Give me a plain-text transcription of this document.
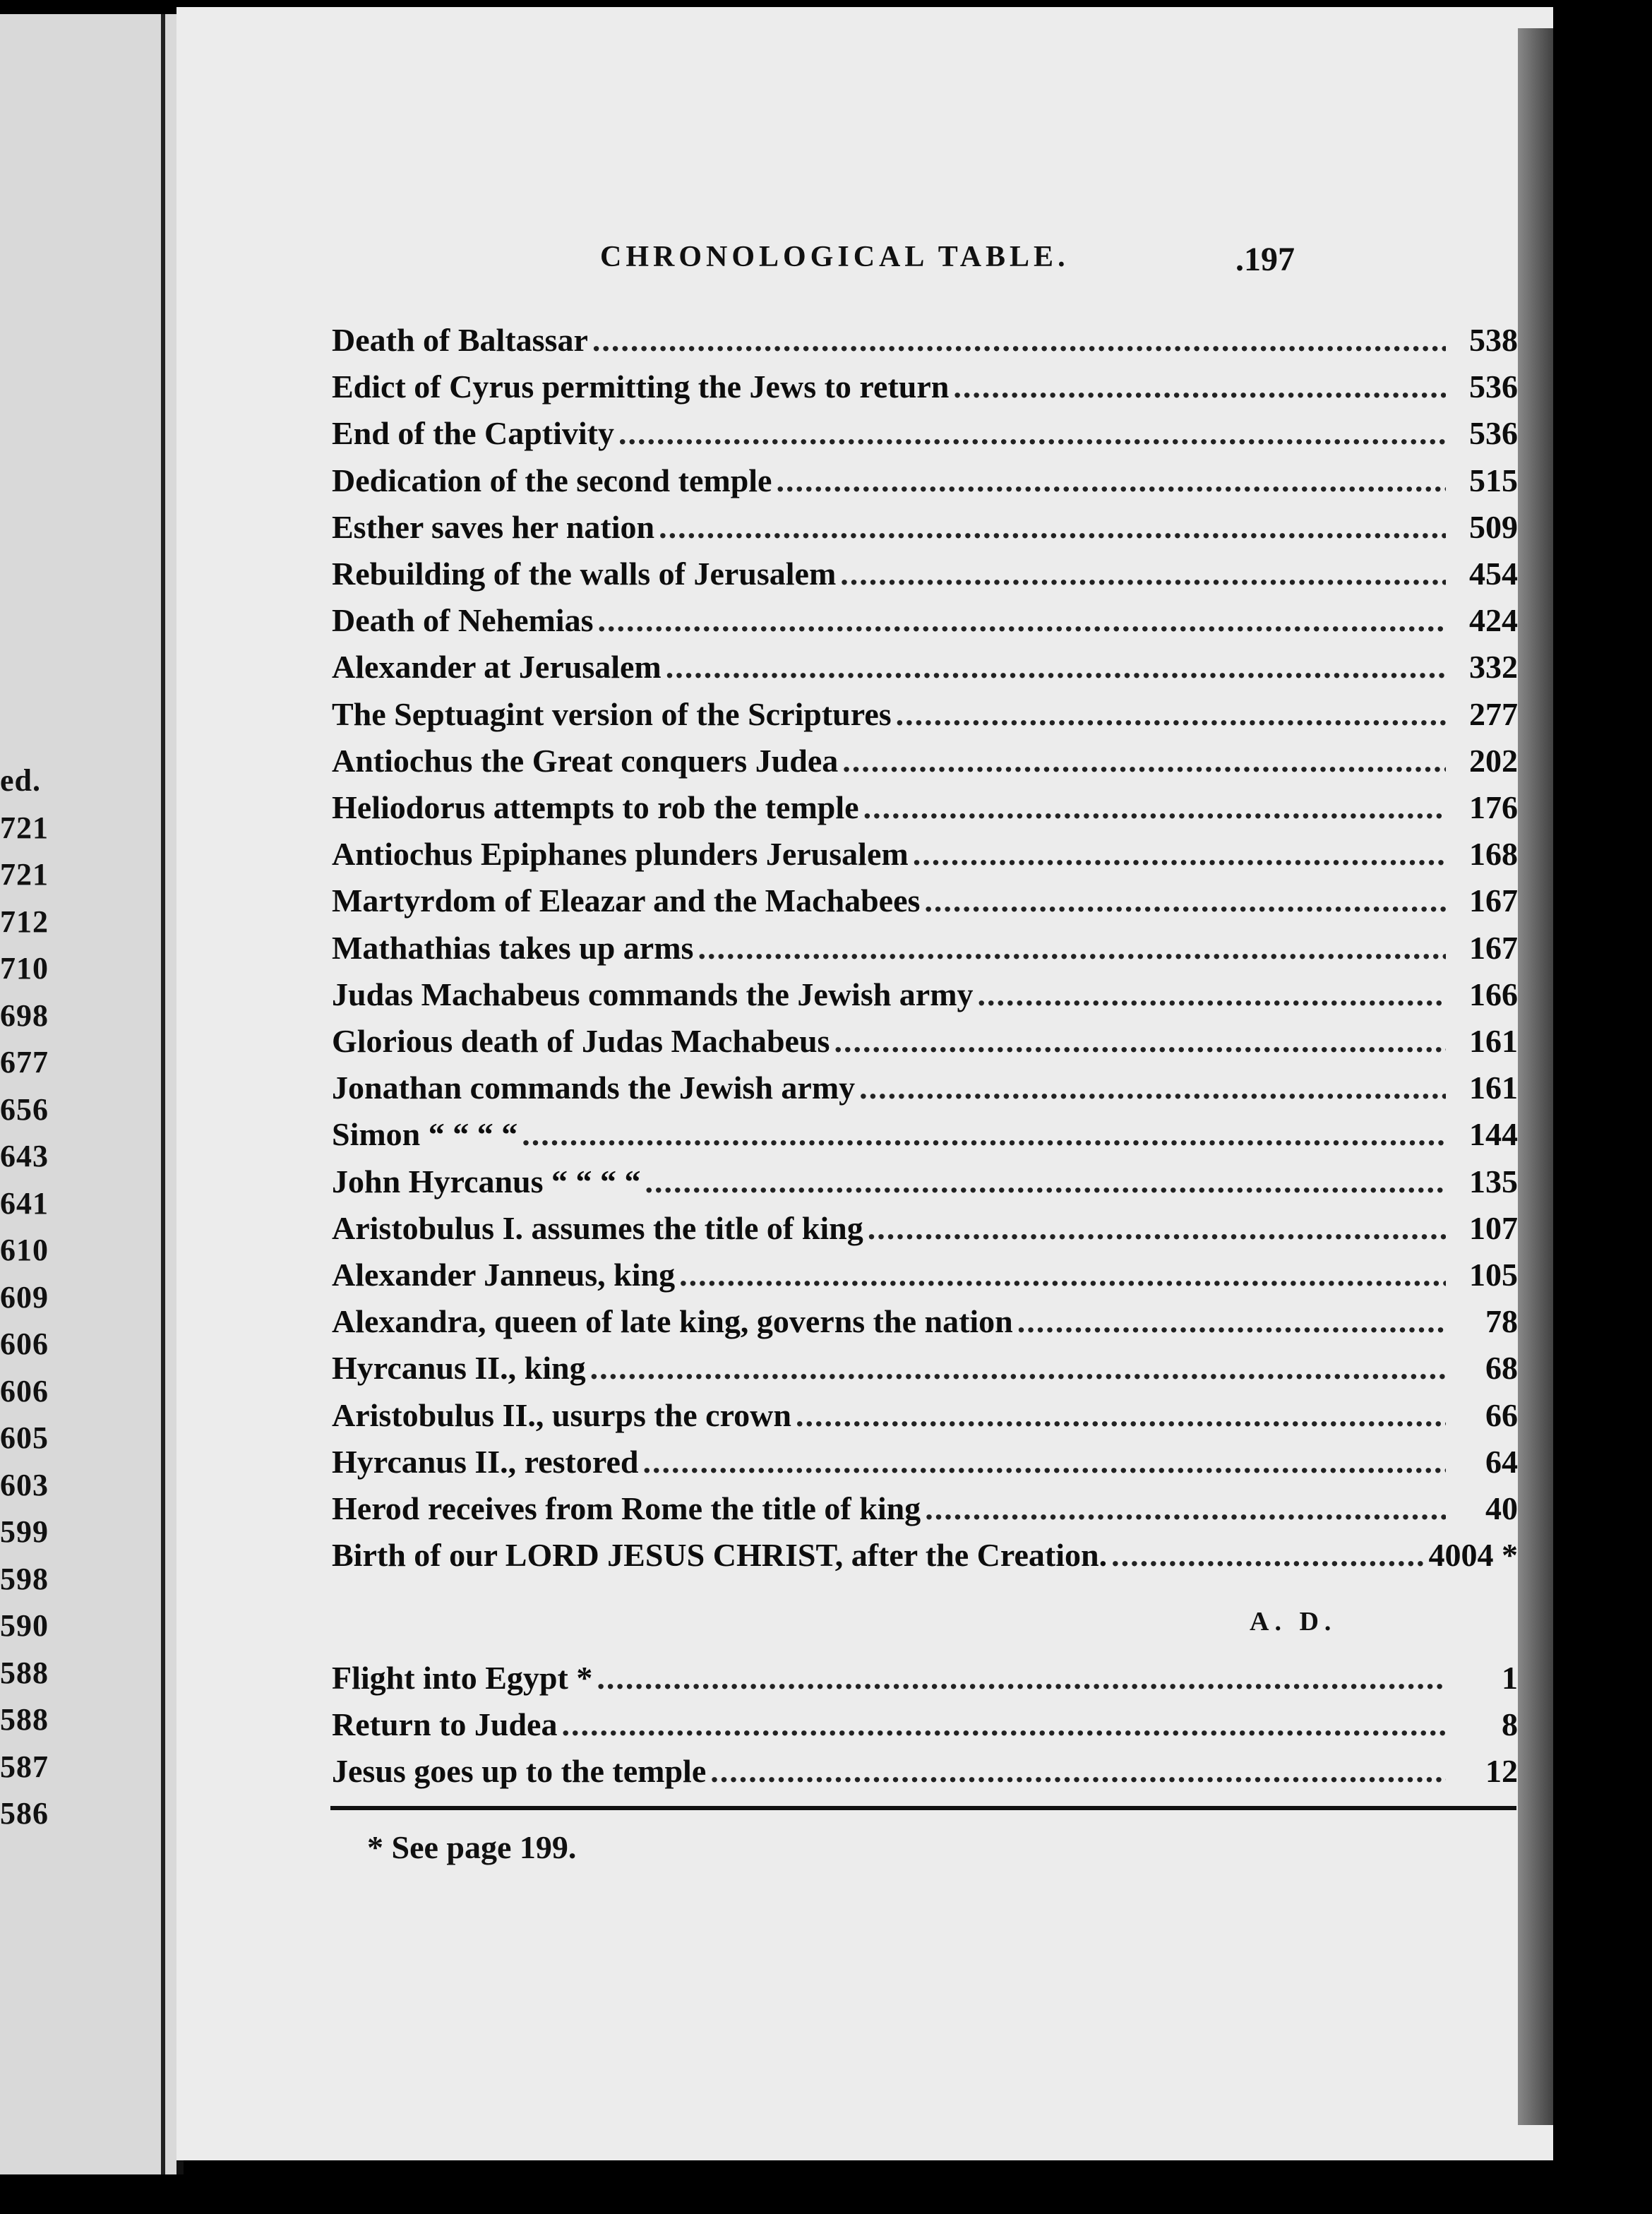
ed.
721
721
712
710
698
677
656
643
641
610
609
606
606
605
603
599
598
590
588
588
587
586
CHRONOLOGICAL TABLE.	.197
Death of Baltassar .....	538
Edict of Cyrus permitting the Jews to return .....	536
End of the Captivity .....	536
Dedication of the second temple .....	515
Esther saves her nation .....	509
Rebuilding of the walls of Jerusalem .....	454
Death of Nehemias .....	424
Alexander at Jerusalem .....	332
The Septuagint version of the Scriptures .....	277
Antiochus the Great conquers Judea .....	202
Heliodorus attempts to rob the temple .....	176
Antiochus Epiphanes plunders Jerusalem .....	168
Martyrdom of Eleazar and the Machabees .....	167
Mathathias takes up arms .....	167
Judas Machabeus commands the Jewish army .....	166
Glorious death of Judas Machabeus .....	161
Jonathan commands the Jewish army .....	161
Simon “ “ “ “ .....	144
John Hyrcanus “ “ “ “ .....	135
Aristobulus I. assumes the title of king .....	107
Alexander Janneus, king .....	105
Alexandra, queen of late king, governs the nation .....	78
Hyrcanus II., king .....	68
Aristobulus II., usurps the crown .....	66
Hyrcanus II., restored .....	64
Herod receives from Rome the title of king .....	40
Birth of our LORD JESUS CHRIST, after the Creation. .....	4004 *
Flight into Egypt * .....	1
Return to Judea .....	8
Jesus goes up to the temple .....	12
A. D.
* See page 199.
